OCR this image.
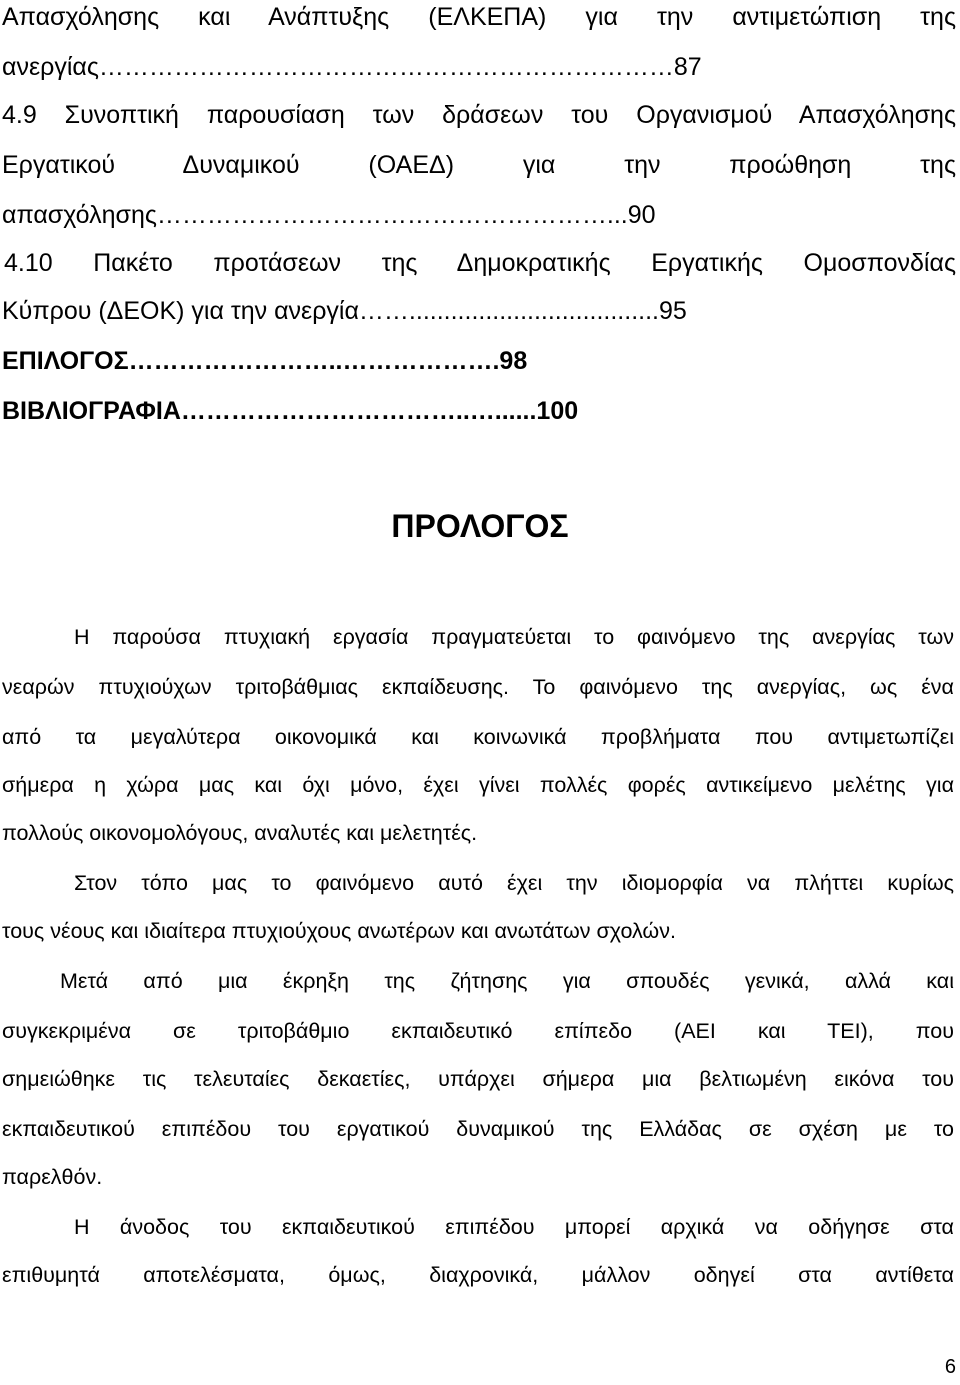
Απασχόλησης και Ανάπτυξης (ΕΛΚΕΠΑ) για την αντιμετώπιση της
ανεργίας……………………………………………………………87
4.9 Συνοπτική παρουσίαση των δράσεων του Οργανισμού Απασχόλησης
Εργατικού Δυναμικού (ΟΑΕΔ) για την προώθηση της
απασχόλησης………………………………………………...90
4.10 Πακέτο προτάσεων της Δημοκρατικής Εργατικής Ομοσπονδίας
Κύπρου (ΔΕΟΚ) για την ανεργία……....................................95
ΕΠΙΛΟΓΟΣ……………………..……………….98
ΒΙΒΛΙΟΓΡΑΦΙΑ……………………………..…......100
ΠΡΟΛΟΓΟΣ
Η παρούσα πτυχιακή εργασία πραγματεύεται το φαινόμενο της ανεργίας των
νεαρών πτυχιούχων τριτοβάθμιας εκπαίδευσης. Το φαινόμενο της ανεργίας, ως ένα
από τα μεγαλύτερα οικονομικά και κοινωνικά προβλήματα που αντιμετωπίζει
σήμερα η χώρα μας και όχι μόνο, έχει γίνει πολλές φορές αντικείμενο μελέτης για
πολλούς οικονομολόγους, αναλυτές και μελετητές.
Στον τόπο μας το φαινόμενο αυτό έχει την ιδιομορφία να πλήττει κυρίως
τους νέους και ιδιαίτερα πτυχιούχους ανωτέρων και ανωτάτων σχολών.
Μετά από μια έκρηξη της ζήτησης για σπουδές γενικά, αλλά και
συγκεκριμένα σε τριτοβάθμιο εκπαιδευτικό επίπεδο (ΑΕΙ και ΤΕΙ), που
σημειώθηκε τις τελευταίες δεκαετίες, υπάρχει σήμερα μια βελτιωμένη εικόνα του
εκπαιδευτικού επιπέδου του εργατικού δυναμικού της Ελλάδας σε σχέση με το
παρελθόν.
Η άνοδος του εκπαιδευτικού επιπέδου μπορεί αρχικά να οδήγησε στα
επιθυμητά αποτελέσματα, όμως, διαχρονικά, μάλλον οδηγεί στα αντίθετα
6
